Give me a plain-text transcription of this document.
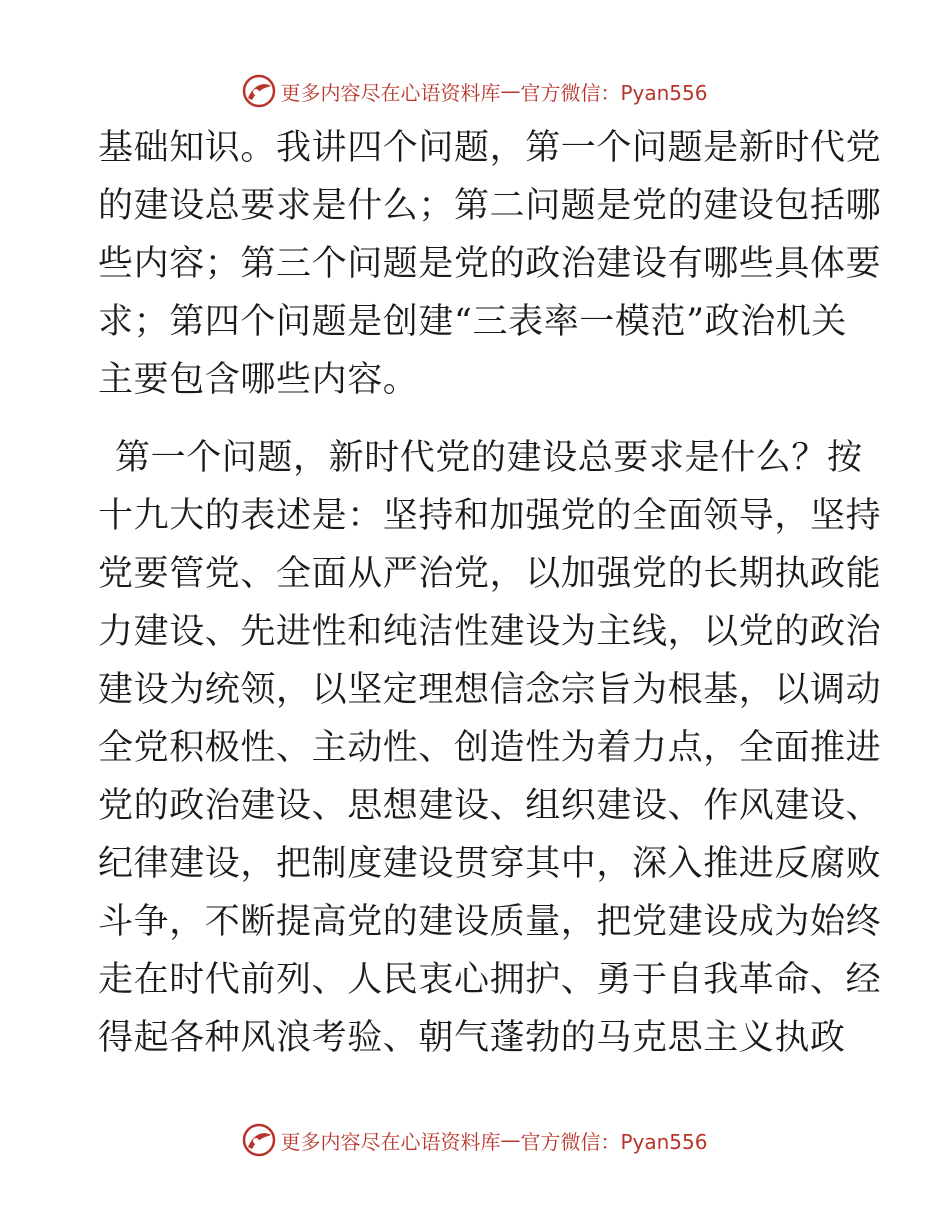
更多内容尽在心语资料库 — 官方微信：Pyan556
基础知识。我讲四个问题，第一个问题是新时代党
的建设总要求是什么；第二问题是党的建设包括哪
些内容；第三个问题是党的政治建设有哪些具体要
求；第四个问题是创建“三表率一模范”政治机关
主要包含哪些内容。
第一个问题，新时代党的建设总要求是什么？按
十九大的表述是：坚持和加强党的全面领导，坚持
党要管党、全面从严治党，以加强党的长期执政能
力建设、先进性和纯洁性建设为主线，以党的政治
建设为统领，以坚定理想信念宗旨为根基，以调动
全党积极性、主动性、创造性为着力点，全面推进
党的政治建设、思想建设、组织建设、作风建设、
纪律建设，把制度建设贯穿其中，深入推进反腐败
斗争，不断提高党的建设质量，把党建设成为始终
走在时代前列、人民衷心拥护、勇于自我革命、经
得起各种风浪考验、朝气蓬勃的马克思主义执政
更多内容尽在心语资料库 — 官方微信：Pyan556
